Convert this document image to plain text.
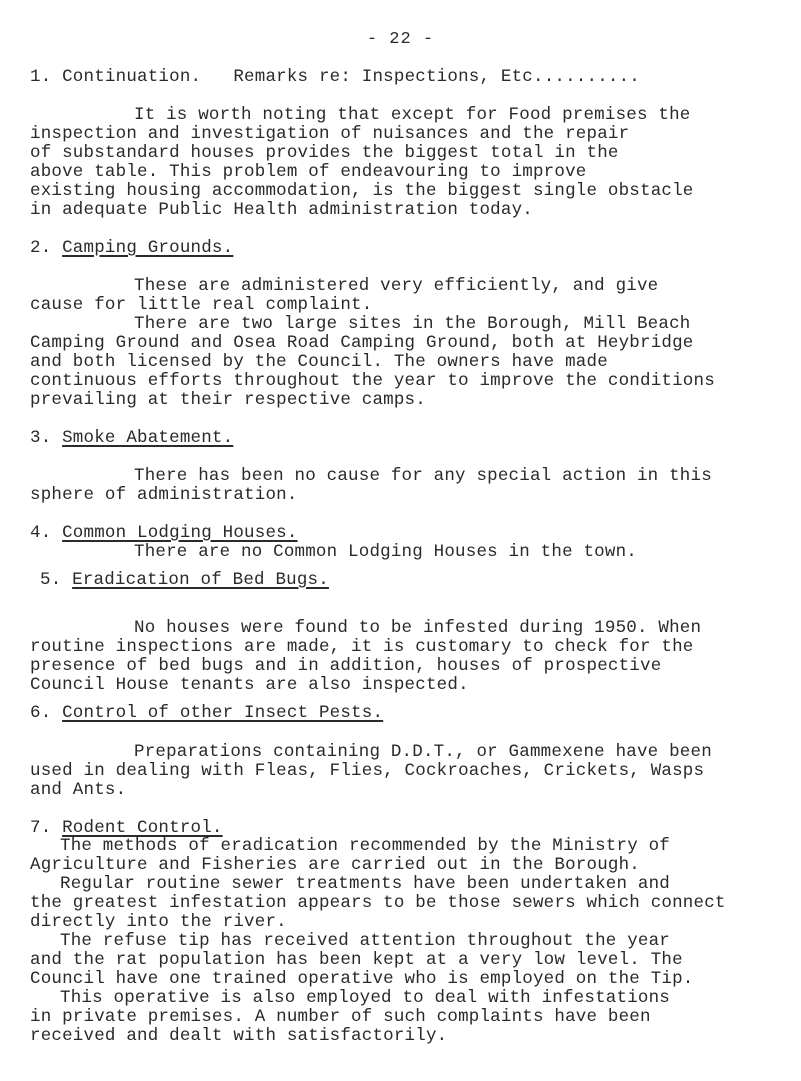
- 22 -
1. Continuation. Remarks re: Inspections, Etc..........
It is worth noting that except for Food premises the
inspection and investigation of nuisances and the repair
of substandard houses provides the biggest total in the
above table. This problem of endeavouring to improve
existing housing accommodation, is the biggest single obstacle
in adequate Public Health administration today.
2. Camping Grounds.
These are administered very efficiently, and give
cause for little real complaint.
There are two large sites in the Borough, Mill Beach
Camping Ground and Osea Road Camping Ground, both at Heybridge
and both licensed by the Council. The owners have made
continuous efforts throughout the year to improve the conditions
prevailing at their respective camps.
3. Smoke Abatement.
There has been no cause for any special action in this
sphere of administration.
4. Common Lodging Houses.
There are no Common Lodging Houses in the town.
5. Eradication of Bed Bugs.
No houses were found to be infested during 1950. When
routine inspections are made, it is customary to check for the
presence of bed bugs and in addition, houses of prospective
Council House tenants are also inspected.
6. Control of other Insect Pests.
Preparations containing D.D.T., or Gammexene have been
used in dealing with Fleas, Flies, Cockroaches, Crickets, Wasps
and Ants.
7. Rodent Control.
The methods of eradication recommended by the Ministry of
Agriculture and Fisheries are carried out in the Borough.
Regular routine sewer treatments have been undertaken and
the greatest infestation appears to be those sewers which connect
directly into the river.
The refuse tip has received attention throughout the year
and the rat population has been kept at a very low level. The
Council have one trained operative who is employed on the Tip.
This operative is also employed to deal with infestations
in private premises. A number of such complaints have been
received and dealt with satisfactorily.
